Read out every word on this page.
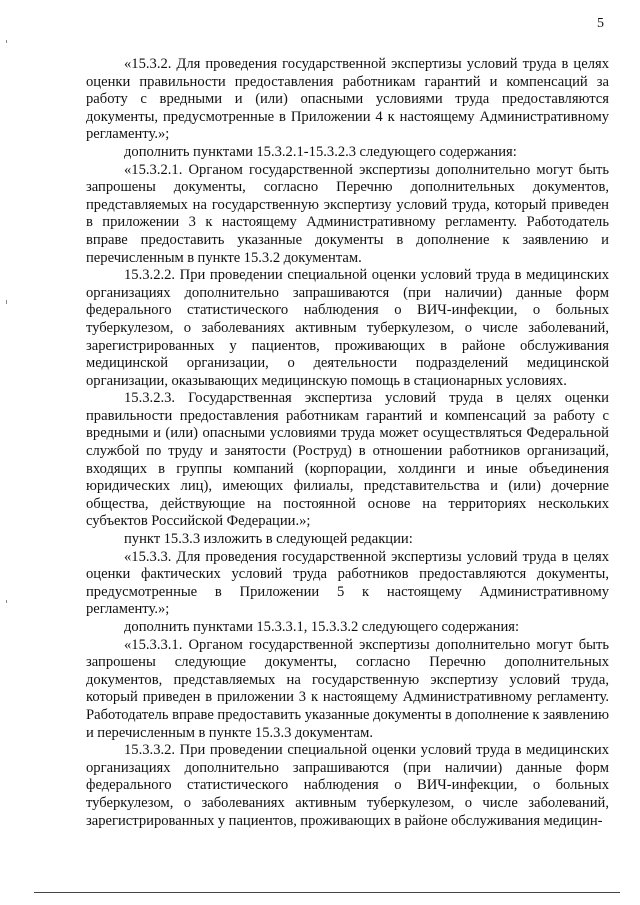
5

«15.3.2. Для проведения государственной экспертизы условий труда в целях оценки правильности предоставления работникам гарантий и компенсаций за работу с вредными и (или) опасными условиями труда предоставляются документы, предусмотренные в Приложении 4 к настоящему Административному регламенту.»;

дополнить пунктами 15.3.2.1-15.3.2.3 следующего содержания:

«15.3.2.1. Органом государственной экспертизы дополнительно могут быть запрошены документы, согласно Перечню дополнительных документов, представляемых на государственную экспертизу условий труда, который приведен в приложении 3 к настоящему Административному регламенту. Работодатель вправе предоставить указанные документы в дополнение к заявлению и перечисленным в пункте 15.3.2 документам.

15.3.2.2. При проведении специальной оценки условий труда в медицинских организациях дополнительно запрашиваются (при наличии) данные форм федерального статистического наблюдения о ВИЧ-инфекции, о больных туберкулезом, о заболеваниях активным туберкулезом, о числе заболеваний, зарегистрированных у пациентов, проживающих в районе обслуживания медицинской организации, о деятельности подразделений медицинской организации, оказывающих медицинскую помощь в стационарных условиях.

15.3.2.3. Государственная экспертиза условий труда в целях оценки правильности предоставления работникам гарантий и компенсаций за работу с вредными и (или) опасными условиями труда может осуществляться Федеральной службой по труду и занятости (Роструд) в отношении работников организаций, входящих в группы компаний (корпорации, холдинги и иные объединения юридических лиц), имеющих филиалы, представительства и (или) дочерние общества, действующие на постоянной основе на территориях нескольких субъектов Российской Федерации.»;

пункт 15.3.3 изложить в следующей редакции:

«15.3.3. Для проведения государственной экспертизы условий труда в целях оценки фактических условий труда работников предоставляются документы, предусмотренные в Приложении 5 к настоящему Административному регламенту.»;

дополнить пунктами 15.3.3.1, 15.3.3.2 следующего содержания:

«15.3.3.1. Органом государственной экспертизы дополнительно могут быть запрошены следующие документы, согласно Перечню дополнительных документов, представляемых на государственную экспертизу условий труда, который приведен в приложении 3 к настоящему Административному регламенту. Работодатель вправе предоставить указанные документы в дополнение к заявлению и перечисленным в пункте 15.3.3 документам.

15.3.3.2. При проведении специальной оценки условий труда в медицинских организациях дополнительно запрашиваются (при наличии) данные форм федерального статистического наблюдения о ВИЧ-инфекции, о больных туберкулезом, о заболеваниях активным туберкулезом, о числе заболеваний, зарегистрированных у пациентов, проживающих в районе обслуживания медицин-
